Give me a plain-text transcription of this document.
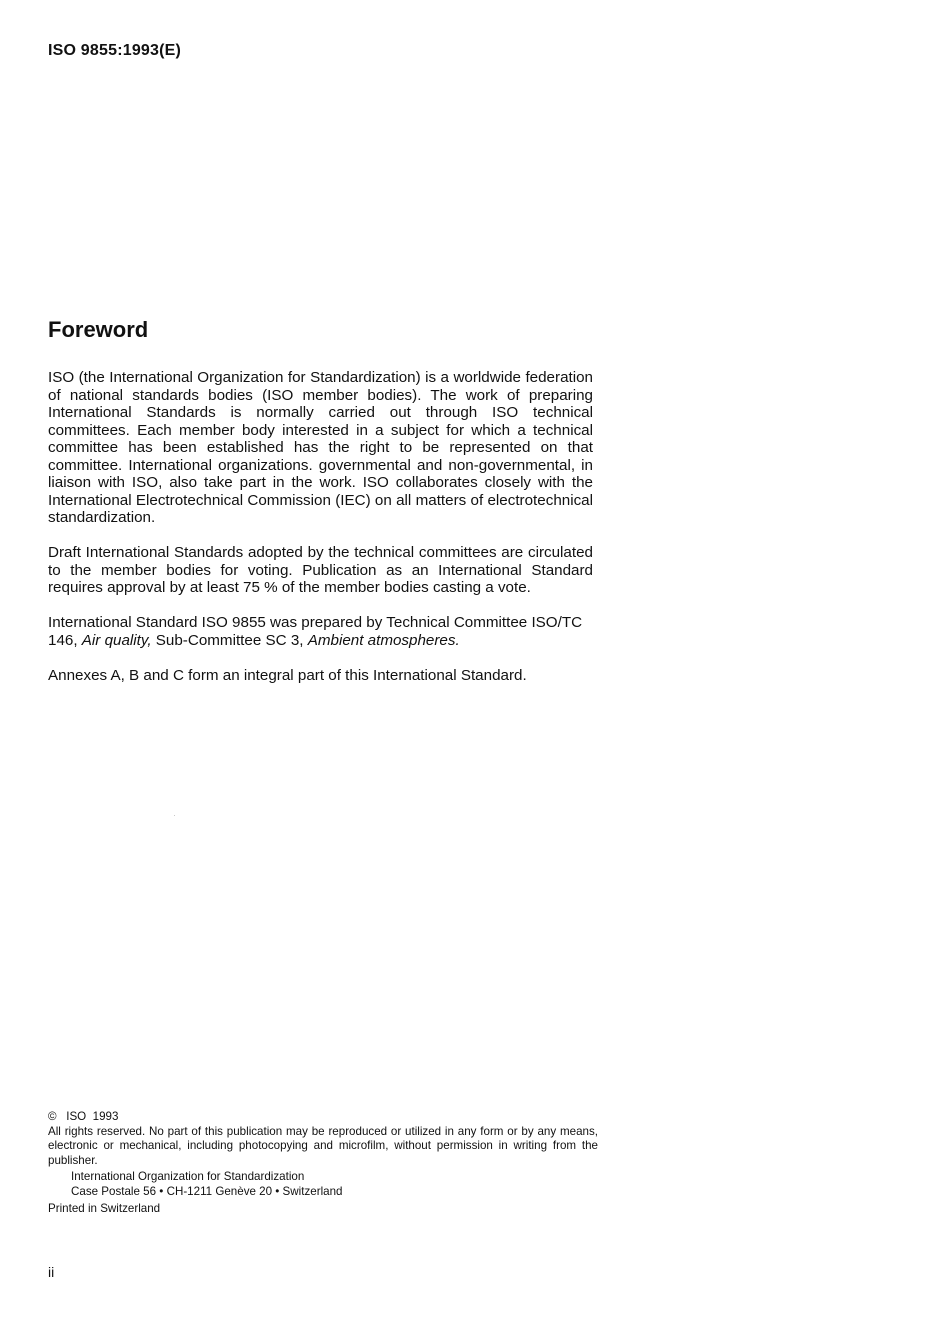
ISO 9855:1993(E)
Foreword

ISO (the International Organization for Standardization) is a worldwide federation of national standards bodies (ISO member bodies). The work of preparing International Standards is normally carried out through ISO technical committees. Each member body interested in a subject for which a technical committee has been established has the right to be represented on that committee. International organizations. governmental and non-governmental, in liaison with ISO, also take part in the work. ISO collaborates closely with the International Electrotechnical Commission (IEC) on all matters of electrotechnical standardization.

Draft International Standards adopted by the technical committees are circulated to the member bodies for voting. Publication as an International Standard requires approval by at least 75 % of the member bodies casting a vote.

International Standard ISO 9855 was prepared by Technical Committee ISO/TC 146, Air quality, Sub-Committee SC 3, Ambient atmospheres.

Annexes A, B and C form an integral part of this International Standard.

© ISO 1993

All rights reserved. No part of this publication may be reproduced or utilized in any form or by any means, electronic or mechanical, including photocopying and microfilm, without permission in writing from the publisher.

International Organization for Standardization
Case Postale 56 • CH-1211 Genève 20 • Switzerland
Printed in Switzerland
ii
